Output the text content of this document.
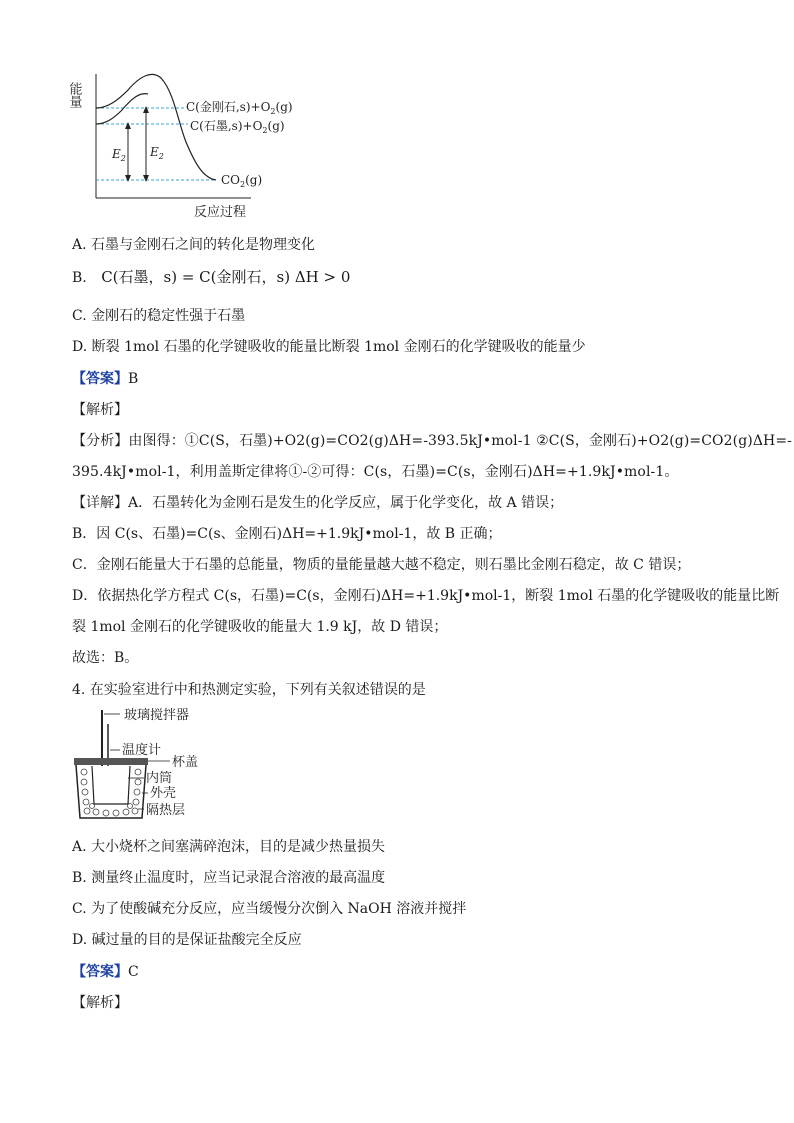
能量
$E_2$ $E_2$
C(金刚石$,s)+O_2(g)$
C(石墨$,s)+O_2(g)$
$CO_2(g)$
反应过程
A. 石墨与金刚石之间的转化是物理变化
B. C(石墨，s) = C(金刚石，s) ΔH > 0
C. 金刚石的稳定性强于石墨
D. 断裂 1mol 石墨的化学键吸收的能量比断裂 1mol 金刚石的化学键吸收的能量少
【答案】B
【解析】
【分析】由图得：①C(S，石墨)+O2(g)=CO2(g)ΔH=-393.5kJ•mol-1 ②C(S，金刚石)+O2(g)=CO2(g)ΔH=-
395.4kJ•mol-1，利用盖斯定律将①-②可得：C(s，石墨)=C(s，金刚石)ΔH=+1.9kJ•mol-1。
【详解】A．石墨转化为金刚石是发生的化学反应，属于化学变化，故 A 错误；
B．因 C(s、石墨)=C(s、金刚石)ΔH=+1.9kJ•mol-1，故 B 正确；
C．金刚石能量大于石墨的总能量，物质的量能量越大越不稳定，则石墨比金刚石稳定，故 C 错误；
D．依据热化学方程式 C(s，石墨)=C(s，金刚石)ΔH=+1.9kJ•mol-1，断裂 1mol 石墨的化学键吸收的能量比断
裂 1mol 金刚石的化学键吸收的能量大 1.9 kJ，故 D 错误；
故选：B。
4. 在实验室进行中和热测定实验，下列有关叙述错误的是
玻璃搅拌器
温度计
杯盖
内筒
外壳
隔热层
A. 大小烧杯之间塞满碎泡沫，目的是减少热量损失
B. 测量终止温度时，应当记录混合溶液的最高温度
C. 为了使酸碱充分反应，应当缓慢分次倒入 NaOH 溶液并搅拌
D. 碱过量的目的是保证盐酸完全反应
【答案】C
【解析】
